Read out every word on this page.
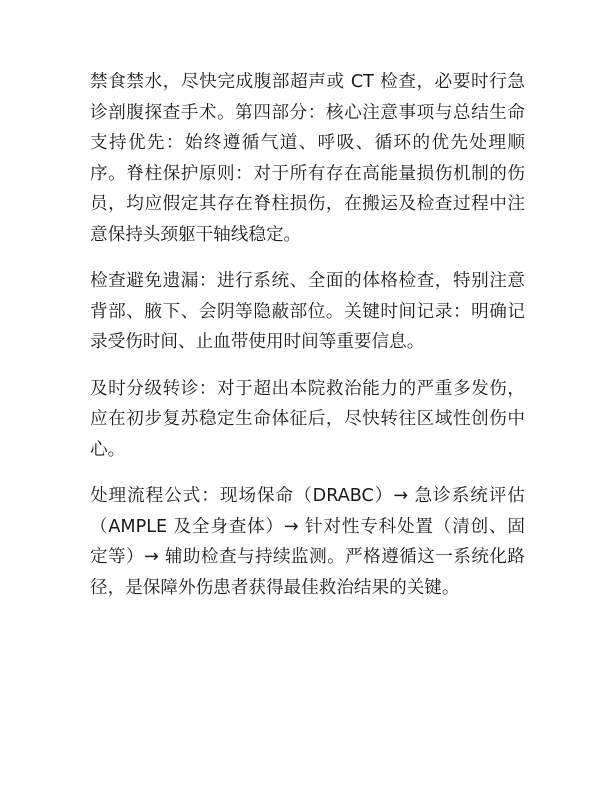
禁食禁水，尽快完成腹部超声或 CT 检查，必要时行急诊剖腹探查手术。第四部分：核心注意事项与总结生命支持优先：始终遵循气道、呼吸、循环的优先处理顺序。脊柱保护原则：对于所有存在高能量损伤机制的伤员，均应假定其存在脊柱损伤，在搬运及检查过程中注意保持头颈躯干轴线稳定。

检查避免遗漏：进行系统、全面的体格检查，特别注意背部、腋下、会阴等隐蔽部位。关键时间记录：明确记录受伤时间、止血带使用时间等重要信息。

及时分级转诊：对于超出本院救治能力的严重多发伤，应在初步复苏稳定生命体征后，尽快转往区域性创伤中心。

处理流程公式：现场保命（DRABC）→ 急诊系统评估（AMPLE 及全身查体）→ 针对性专科处置（清创、固定等）→ 辅助检查与持续监测。严格遵循这一系统化路径，是保障外伤患者获得最佳救治结果的关键。
